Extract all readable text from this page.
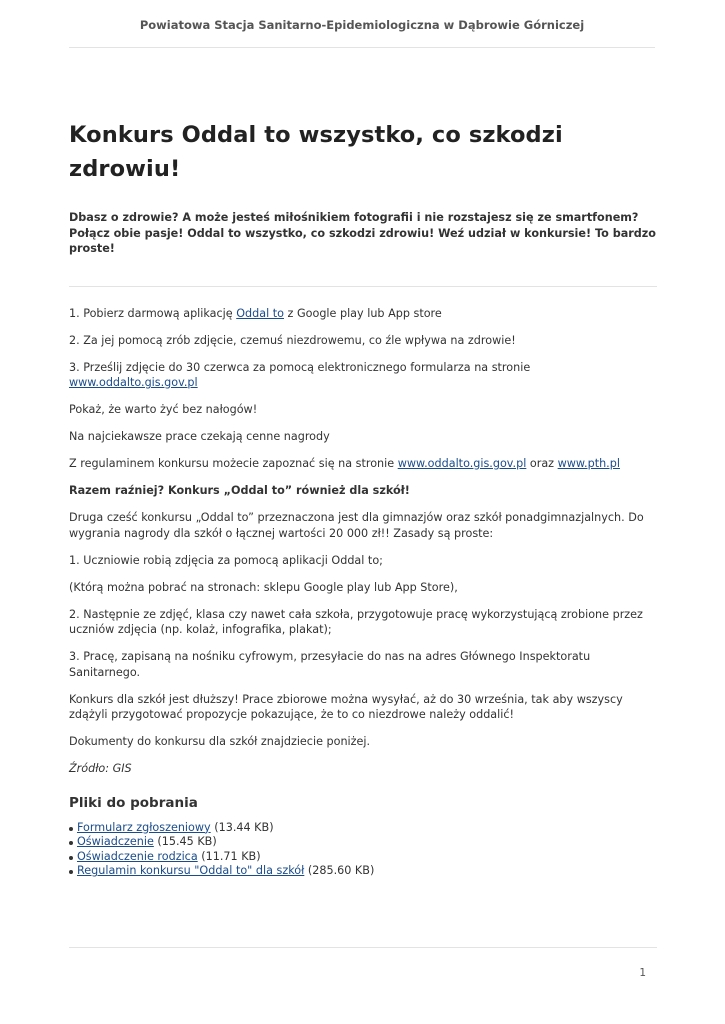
Powiatowa Stacja Sanitarno-Epidemiologiczna w Dąbrowie Górniczej
Konkurs Oddal to wszystko, co szkodzi zdrowiu!

Dbasz o zdrowie? A może jesteś miłośnikiem fotografii i nie rozstajesz się ze smartfonem? Połącz obie pasje! Oddal to wszystko, co szkodzi zdrowiu! Weź udział w konkursie! To bardzo proste!

1. Pobierz darmową aplikację Oddal to z Google play lub App store

2. Za jej pomocą zrób zdjęcie, czemuś niezdrowemu, co źle wpływa na zdrowie!

3. Prześlij zdjęcie do 30 czerwca za pomocą elektronicznego formularza na stronie www.oddalto.gis.gov.pl

Pokaż, że warto żyć bez nałogów!

Na najciekawsze prace czekają cenne nagrody

Z regulaminem konkursu możecie zapoznać się na stronie www.oddalto.gis.gov.pl oraz www.pth.pl

Razem raźniej? Konkurs „Oddal to” również dla szkół!

Druga cześć konkursu „Oddal to” przeznaczona jest dla gimnazjów oraz szkół ponadgimnazjalnych. Do wygrania nagrody dla szkół o łącznej wartości 20 000 zł!! Zasady są proste:

1. Uczniowie robią zdjęcia za pomocą aplikacji Oddal to;

(Którą można pobrać na stronach: sklepu Google play lub App Store),

2. Następnie ze zdjęć, klasa czy nawet cała szkoła, przygotowuje pracę wykorzystującą zrobione przez uczniów zdjęcia (np. kolaż, infografika, plakat);

3. Pracę, zapisaną na nośniku cyfrowym, przesyłacie do nas na adres Głównego Inspektoratu Sanitarnego.

Konkurs dla szkół jest dłuższy! Prace zbiorowe można wysyłać, aż do 30 września, tak aby wszyscy zdążyli przygotować propozycje pokazujące, że to co niezdrowe należy oddalić!

Dokumenty do konkursu dla szkół znajdziecie poniżej.

Źródło: GIS

Pliki do pobrania
Formularz zgłoszeniowy (13.44 KB)
Oświadczenie (15.45 KB)
Oświadczenie rodzica (11.71 KB)
Regulamin konkursu "Oddal to" dla szkół (285.60 KB)
1
